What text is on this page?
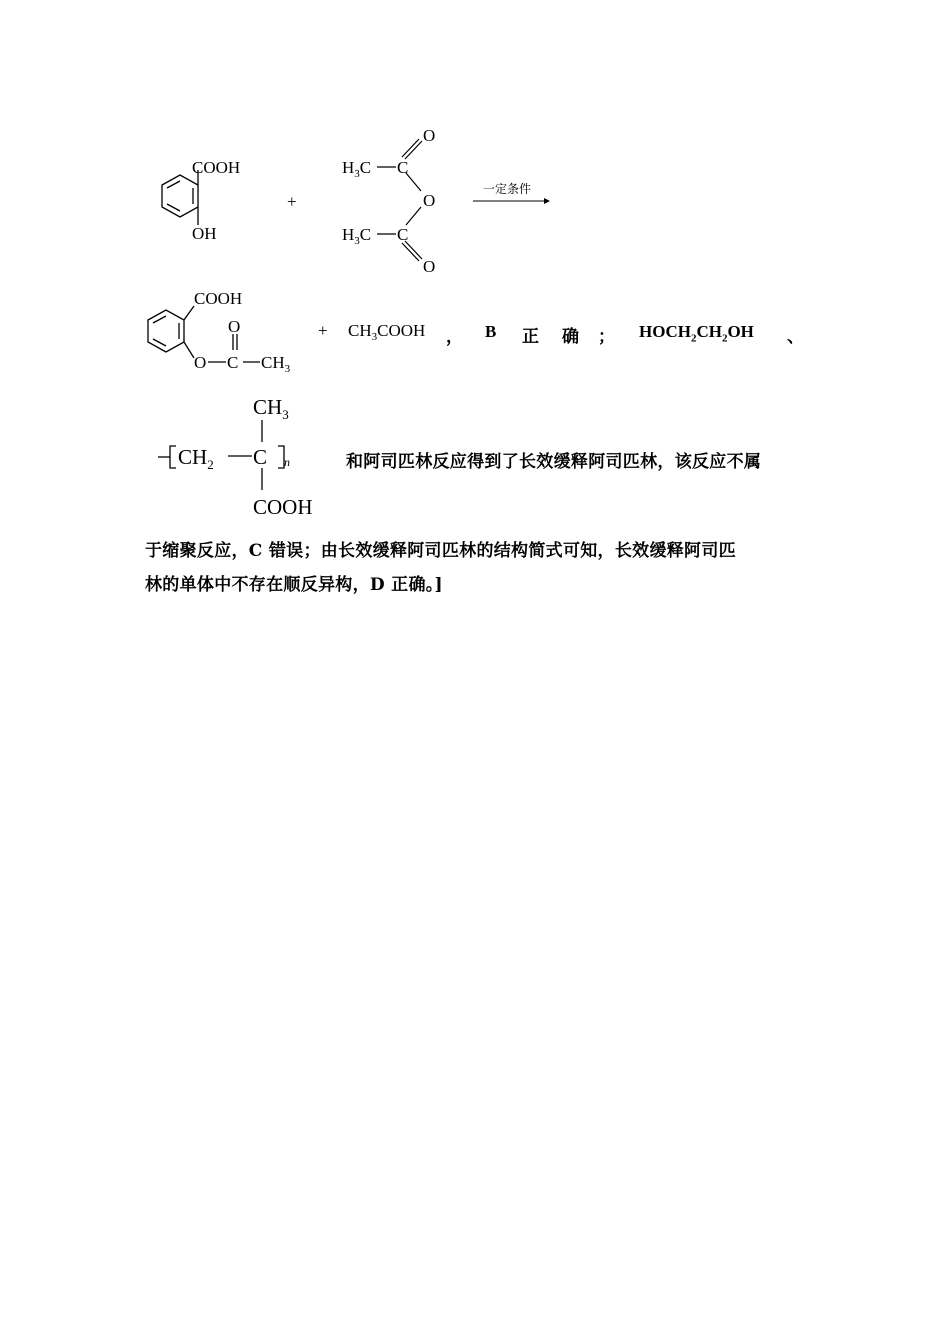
COOH
OH
+
$H_3C$ C
O
O
$H_3C$ C
O
一定条件
COOH
O C
O
$CH_3$
+ $CH_3COOH$ ， B 正 确 ； $HOCH_2CH_2OH$ 、
$CH_3$
$CH_2$ C n
COOH
和阿司匹林反应得到了长效缓释阿司匹林，该反应不属
于缩聚反应，C 错误；由长效缓释阿司匹林的结构简式可知，长效缓释阿司匹
林的单体中不存在顺反异构，D 正确。]
